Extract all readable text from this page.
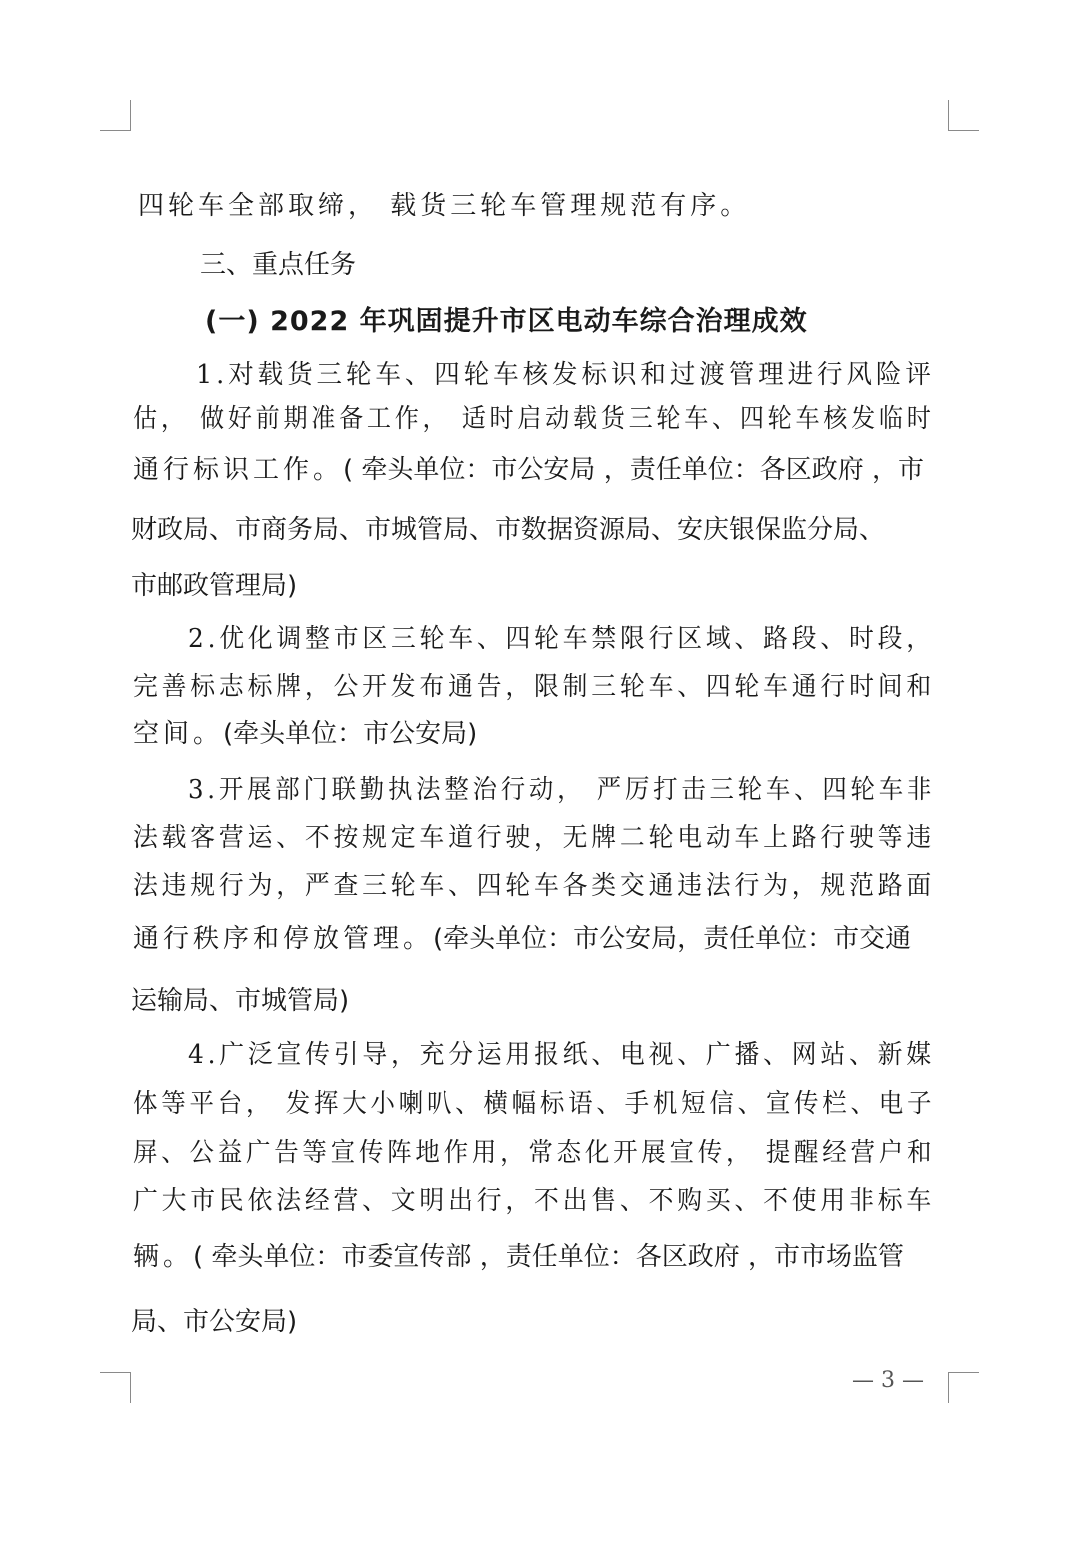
四轮车全部取缔， 载货三轮车管理规范有序。
三、重点任务
(一) 2022 年巩固提升市区电动车综合治理成效
1.对载货三轮车、四轮车核发标识和过渡管理进行风险评
估， 做好前期准备工作， 适时启动载货三轮车、四轮车核发临时
通行标识工作。( 牵头单位：市公安局 ，责任单位：各区政府 ，市
财政局、市商务局、市城管局、市数据资源局、安庆银保监分局、
市邮政管理局)
2.优化调整市区三轮车、四轮车禁限行区域、路段、时段，
完善标志标牌，公开发布通告，限制三轮车、四轮车通行时间和
空间。(牵头单位：市公安局)
3.开展部门联勤执法整治行动， 严厉打击三轮车、四轮车非
法载客营运、不按规定车道行驶，无牌二轮电动车上路行驶等违
法违规行为，严查三轮车、四轮车各类交通违法行为，规范路面
通行秩序和停放管理。(牵头单位：市公安局，责任单位：市交通
运输局、市城管局)
4.广泛宣传引导，充分运用报纸、电视、广播、网站、新媒
体等平台， 发挥大小喇叭、横幅标语、手机短信、宣传栏、电子
屏、公益广告等宣传阵地作用，常态化开展宣传， 提醒经营户和
广大市民依法经营、文明出行，不出售、不购买、不使用非标车
辆。( 牵头单位：市委宣传部 ，责任单位：各区政府 ，市市场监管
局、市公安局)
— 3 —
